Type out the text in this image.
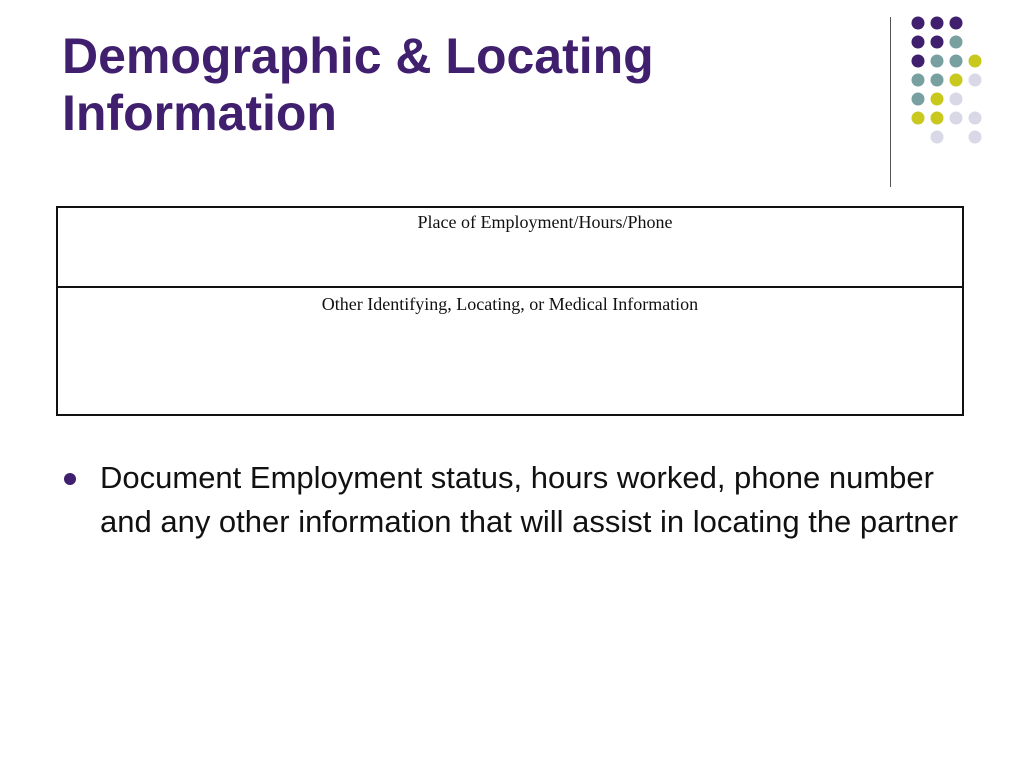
Demographic & Locating
Information
Place of Employment/Hours/Phone
Other Identifying, Locating, or Medical Information
Document Employment status, hours worked, phone number and any other information that will assist in locating the partner
